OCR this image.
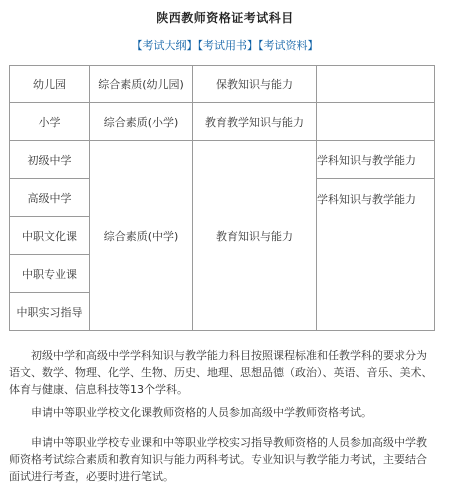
陕西教师资格证考试科目
【考试大纲】【考试用书】【考试资料】
幼儿园	综合素质(幼儿园)	保教知识与能力		
小学	综合素质(小学)	教育教学知识与能力		
初级中学	综合素质(中学)	教育知识与能力	学科知识与教学能力	
高级中学			学科知识与教学能力	
中职文化课				
中职专业课				
中职实习指导				

初级中学和高级中学学科知识与教学能力科目按照课程标准和任教学科的要求分为语文、数学、物理、化学、生物、历史、地理、思想品德（政治）、英语、音乐、美术、体育与健康、信息科技等13个学科。

申请中等职业学校文化课教师资格的人员参加高级中学教师资格考试。

申请中等职业学校专业课和中等职业学校实习指导教师资格的人员参加高级中学教师资格考试综合素质和教育知识与能力两科考试。专业知识与教学能力考试，主要结合面试进行考查，必要时进行笔试。
